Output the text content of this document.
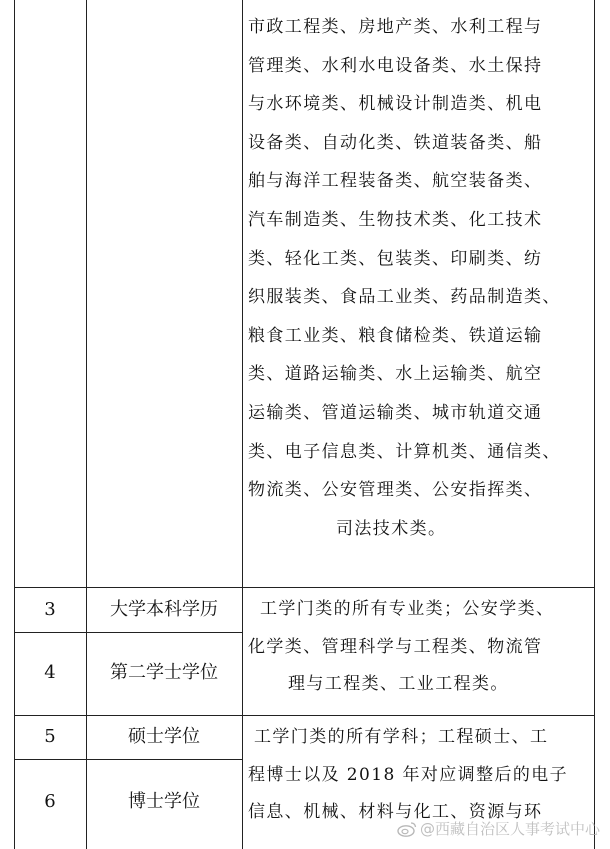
市政工程类、房地产类、水利工程与
管理类、水利水电设备类、水土保持
与水环境类、机械设计制造类、机电
设备类、自动化类、铁道装备类、船
舶与海洋工程装备类、航空装备类、
汽车制造类、生物技术类、化工技术
类、轻化工类、包装类、印刷类、纺
织服装类、食品工业类、药品制造类、
粮食工业类、粮食储检类、铁道运输
类、道路运输类、水上运输类、航空
运输类、管道运输类、城市轨道交通
类、电子信息类、计算机类、通信类、
物流类、公安管理类、公安指挥类、
司法技术类。
3
4
5
6
大学本科学历
第二学士学位
硕士学位
博士学位
工学门类的所有专业类；公安学类、
化学类、管理科学与工程类、物流管
理与工程类、工业工程类。
工学门类的所有学科；工程硕士、工
程博士以及 2018 年对应调整后的电子
信息、机械、材料与化工、资源与环
@西藏自治区人事考试中心
